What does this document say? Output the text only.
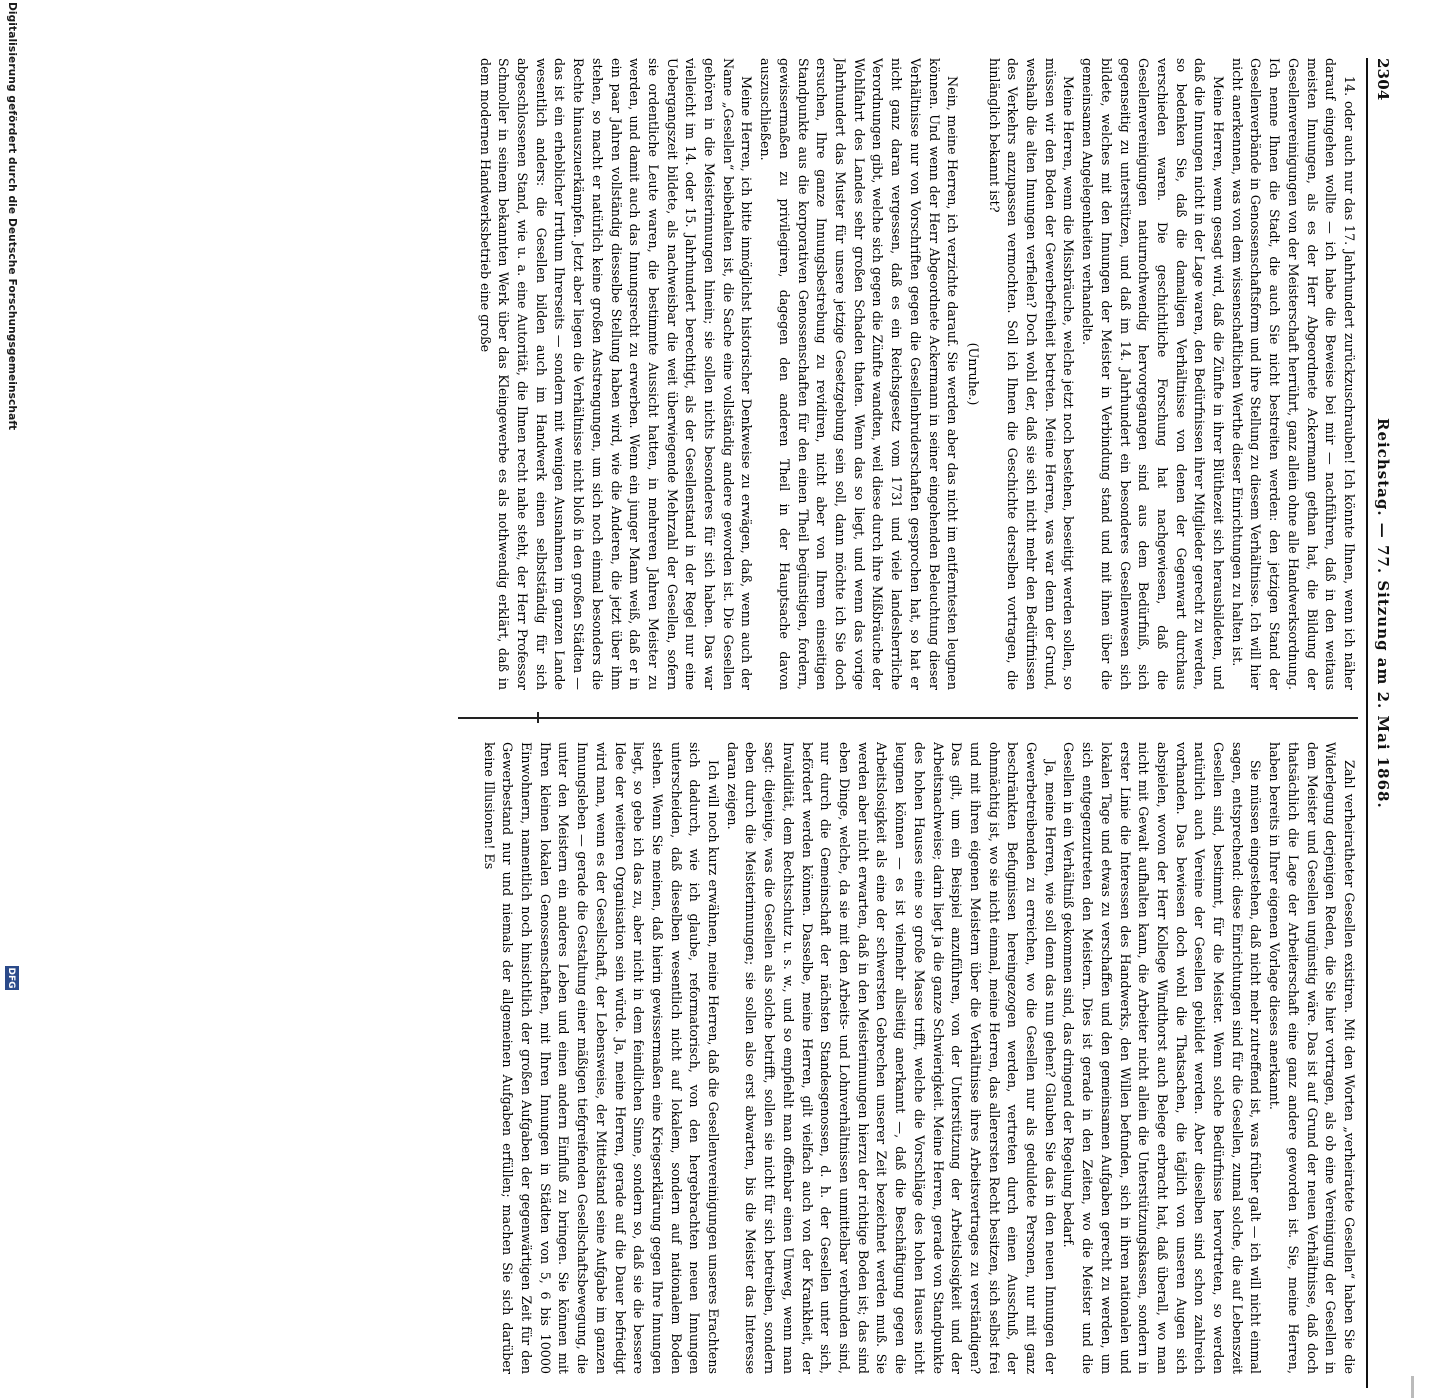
2304
Reichstag. — 77. Sitzung am 2. Mai 1868.

14. oder auch nur das 17. Jahrhundert zurückzuschrauben! Ich könnte Ihnen, wenn ich näher darauf eingehen wollte — ich habe die Beweise bei mir — nachführen, daß in den weitaus meisten Innungen, als es der Herr Abgeordnete Ackermann gethan hat, die Bildung der Gesellenvereinigungen von der Meisterschaft herrührt, ganz allein ohne alle Handwerksordnung. Ich nenne Ihnen die Stadt, die auch Sie nicht bestreiten werden: den jetzigen Stand der Gesellenverbände in Genossenschaftsform und ihre Stellung zu diesem Verhältnisse. Ich will hier nicht anerkennen, was von dem wissenschaftlichen Werthe dieser Einrichtungen zu halten ist.

Meine Herren, wenn gesagt wird, daß die Zünfte in ihrer Blüthezeit sich herausbildeten, und daß die Innungen nicht in der Lage waren, den Bedürfnissen ihrer Mitglieder gerecht zu werden, so bedenken Sie, daß die damaligen Verhältnisse von denen der Gegenwart durchaus verschieden waren. Die geschichtliche Forschung hat nachgewiesen, daß die Gesellenvereinigungen naturnothwendig hervorgegangen sind aus dem Bedürfniß, sich gegenseitig zu unterstützen, und daß im 14. Jahrhundert ein besonderes Gesellenwesen sich bildete, welches mit den Innungen der Meister in Verbindung stand und mit ihnen über die gemeinsamen Angelegenheiten verhandelte.

Meine Herren, wenn die Missbräuche, welche jetzt noch bestehen, beseitigt werden sollen, so müssen wir den Boden der Gewerbefreiheit betreten. Meine Herren, was war denn der Grund, weshalb die alten Innungen verfielen? Doch wohl der, daß sie sich nicht mehr den Bedürfnissen des Verkehrs anzupassen vermochten. Soll ich Ihnen die Geschichte derselben vortragen, die hinlänglich bekannt ist?

(Unruhe.)

Nein, meine Herren, ich verzichte darauf. Sie werden aber das nicht im entferntesten leugnen können. Und wenn der Herr Abgeordnete Ackermann in seiner eingehenden Beleuchtung dieser Verhältnisse nur von Vorschriften gegen die Gesellenbruderschaften gesprochen hat, so hat er nicht ganz daran vergessen, daß es ein Reichsgesetz vom 1731 und viele landesherrliche Verordnungen gibt, welche sich gegen die Zünfte wandten, weil diese durch ihre Mißbräuche der Wohlfahrt des Landes sehr großen Schaden thaten. Wenn das so liegt, und wenn das vorige Jahrhundert das Muster für unsere jetzige Gesetzgebung sein soll, dann möchte ich Sie doch ersuchen, Ihre ganze Innungsbestrebung zu revidiren, nicht aber von Ihrem einseitigen Standpunkte aus die korporativen Genossenschaften für den einen Theil begünstigen, fordern, gewissermaßen zu privilegiren, dagegen den anderen Theil in der Hauptsache davon auszuschließen.

Meine Herren, ich bitte inmöglichst historischer Denkweise zu erwägen, daß, wenn auch der Name „Gesellen“ beibehalten ist, die Sache eine vollständig andere geworden ist. Die Gesellen gehören in die Meisterinnungen hinein; sie sollen nichts besonderes für sich haben. Das war vielleicht im 14. oder 15. Jahrhundert berechtigt, als der Gesellenstand in der Regel nur eine Uebergangszeit bildete, als nachweisbar die weit überwiegende Mehrzahl der Gesellen, sofern sie ordentliche Leute waren, die bestimmte Aussicht hatten, in mehreren Jahren Meister zu werden, und damit auch das Innungsrecht zu erwerben. Wenn ein junger Mann weiß, daß er in ein paar Jahren vollständig diesselbe Stellung haben wird, wie die Anderen, die jetzt über ihm stehen, so macht er natürlich keine großen Anstrengungen, um sich noch einmal besonders die Rechte hinauszuerkämpfen. Jetzt aber liegen die Verhältnisse nicht bloß in den großen Städten — das ist ein erheblicher Irrthum Ihrerseits — sondern mit wenigen Ausnahmen im ganzen Lande wesentlich anders: die Gesellen bilden auch im Handwerk einen selbstständig für sich abgeschlossenen Stand, wie u. a. eine Autorität, die Ihnen recht nahe steht, der Herr Professor Schmoller in seinem bekannten Werk über das Kleingewerbe es als nothwendig erklärt, daß in dem modernen Handwerksbetrieb eine große

Zahl verheiratheter Gesellen existiren. Mit den Worten „verheiratete Gesellen“ haben Sie die Widerlegung derjenigen Reden, die Sie hier vortragen, als ob eine Vereinigung der Gesellen in dem Meister und Gesellen ungünstig wäre. Das ist auf Grund der neuen Verhältnisse, daß doch thatsächlich die Lage der Arbeiterschaft eine ganz andere geworden ist. Sie, meine Herren, haben bereits in Ihrer eigenen Vorlage dieses anerkannt.

Sie müssen eingestehen, daß nicht mehr zutreffend ist, was früher galt — ich will nicht einmal sagen, entsprechend: diese Einrichtungen sind für die Gesellen, zumal solche, die auf Lebenszeit Gesellen sind, bestimmt, für die Meister. Wenn solche Bedürfnisse hervortreten, so werden natürlich auch Vereine der Gesellen gebildet werden. Aber dieselben sind schon zahlreich vorhanden. Das bewiesen doch wohl die Thatsachen, die täglich von unseren Augen sich abspielen, wovon der Herr Kollege Windthorst auch Belege erbracht hat, daß überall, wo man nicht mit Gewalt aufhalten kann, die Arbeiter nicht allein die Unterstützungskassen, sondern in erster Linie die Interessen des Handwerks, den Willen befunden, sich in ihren nationalen und lokalen Tage und etwas zu verschaffen und den gemeinsamen Aufgaben gerecht zu werden, um sich entgegenzutreten den Meistern. Dies ist gerade in den Zeiten, wo die Meister und die Gesellen in ein Verhältniß gekommen sind, das dringend der Regelung bedarf.

Ja, meine Herren, wie soll denn das nun gehen? Glauben Sie das in den neuen Innungen der Gewerbetreibenden zu erreichen, wo die Gesellen nur als geduldete Personen, nur mit ganz beschränkten Befugnissen hereingezogen werden, vertreten durch einen Ausschuß, der ohnmächtig ist, wo sie nicht einmal, meine Herren, das allerersten Recht besitzen, sich selbst frei und mit ihren eigenen Meistern über die Verhältnisse ihres Arbeitsvertrages zu verständigen? Das gilt, um ein Beispiel anzuführen, von der Unterstützung der Arbeitslosigkeit und der Arbeitsnachweise; darin liegt ja die ganze Schwierigkeit. Meine Herren, gerade von Standpunkte des hohen Hauses eine so große Masse trifft, welche die Vorschläge des hohen Hauses nicht leugnen können — es ist vielmehr allseitig anerkannt —, daß die Beschäftigung gegen die Arbeitslosigkeit als eine der schwersten Gebrechen unserer Zeit bezeichnet werden muß. Sie werden aber nicht erwarten, daß in den Meisterinnungen hierzu der richtige Boden ist; das sind eben Dinge, welche, da sie mit den Arbeits- und Lohnverhältnissen unmittelbar verbunden sind, nur durch die Gemeinschaft der nächsten Standesgenossen, d. h. der Gesellen unter sich, befördert werden können. Dasselbe, meine Herren, gilt vielfach auch von der Krankheit, der Invalidität, dem Rechtsschutz u. s. w., und so empfiehlt man offenbar einen Umweg, wenn man sagt: diejenige, was die Gesellen als solche betrifft, sollen sie nicht für sich betreiben, sondern eben durch die Meisterinnungen; sie sollen also erst abwarten, bis die Meister das Interesse daran zeigen.

Ich will noch kurz erwähnen, meine Herren, daß die Gesellenvereinigungen unseres Erachtens sich dadurch, wie ich glaube, reformatorisch, von den hergebrachten neuen Innungen unterscheiden, daß dieselben wesentlich nicht auf lokalem, sondern auf nationalem Boden stehen. Wenn Sie meinen, daß hierin gewissermaßen eine Kriegserklärung gegen Ihre Innungen liegt, so gebe ich das zu, aber nicht in dem feindlichen Sinne, sondern so, daß sie die bessere Idee der weiteren Organisation sein würde. Ja, meine Herren, gerade auf die Dauer befriedigt wird man, wenn es der Gesellschaft, der Lebensweise, der Mittelstand seine Aufgabe im ganzen Innungsleben — gerade die Gestaltung einer mäßigen tiefgreifenden Gesellschaftsbewegung, die unter den Meistern ein anderes Leben und einen andern Einfluß zu bringen. Sie können mit Ihren kleinen lokalen Genossenschaften, mit Ihren Innungen in Städten von 5, 6 bis 10000 Einwohnern, namentlich noch hinsichtlich der großen Aufgaben der gegenwärtigen Zeit für den Gewerbestand nur und niemals der allgemeinen Aufgaben erfüllen; machen Sie sich darüber keine Illusionen! Es

Digitalisierung gefördert durch die Deutsche Forschungsgemeinschaft
DFG
